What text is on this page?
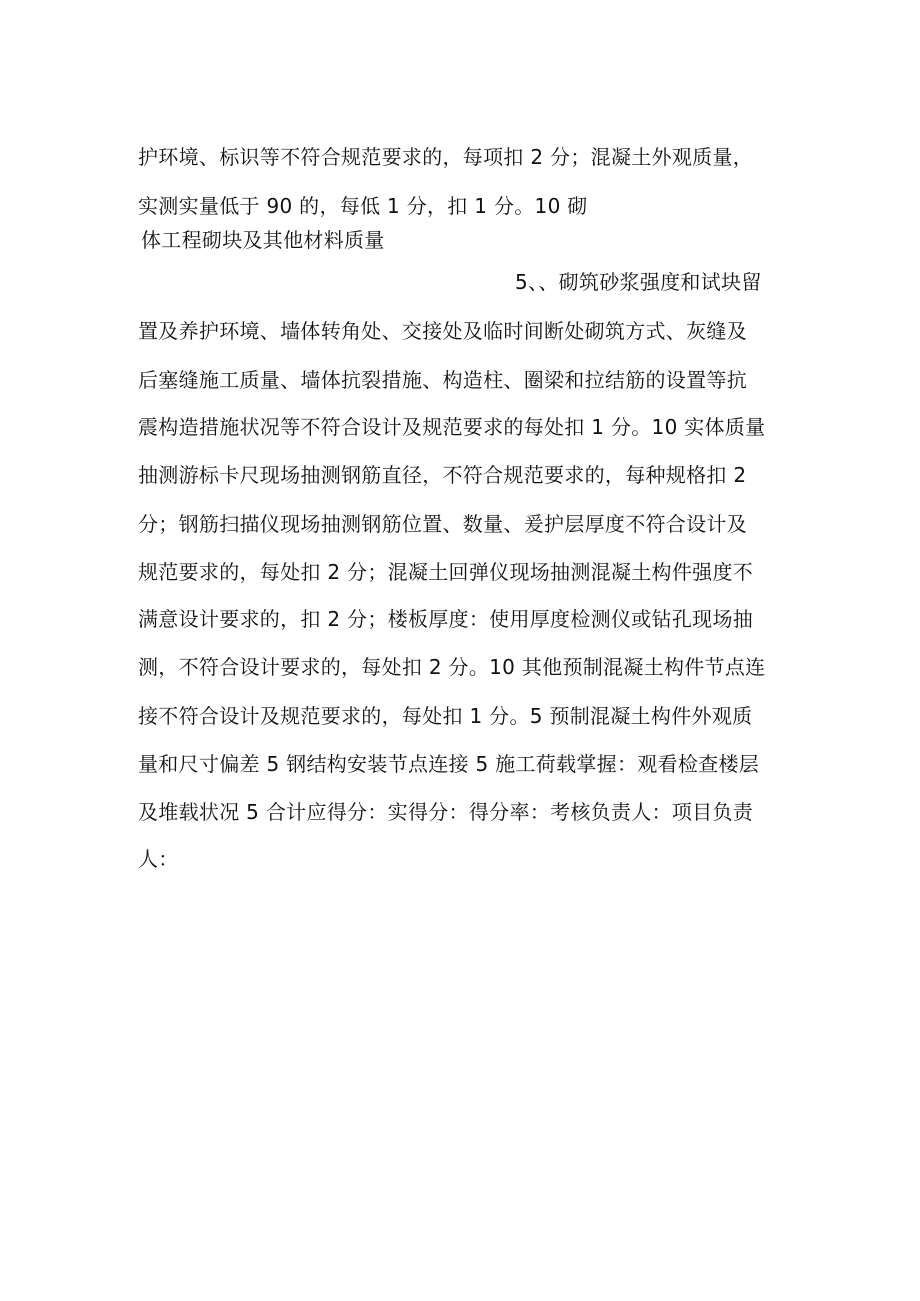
护环境、标识等不符合规范要求的，每项扣 2 分；混凝土外观质量，
实测实量低于 90 的，每低 1 分，扣 1 分。10 砌
体工程砌块及其他材料质量
5、、砌筑砂浆强度和试块留
置及养护环境、墙体转角处、交接处及临时间断处砌筑方式、灰缝及
后塞缝施工质量、墙体抗裂措施、构造柱、圈梁和拉结筋的设置等抗
震构造措施状况等不符合设计及规范要求的每处扣 1 分。10 实体质量
抽测游标卡尺现场抽测钢筋直径，不符合规范要求的，每种规格扣 2
分；钢筋扫描仪现场抽测钢筋位置、数量、爰护层厚度不符合设计及
规范要求的，每处扣 2 分；混凝土回弹仪现场抽测混凝土构件强度不
满意设计要求的，扣 2 分；楼板厚度：使用厚度检测仪或钻孔现场抽
测，不符合设计要求的，每处扣 2 分。10 其他预制混凝土构件节点连
接不符合设计及规范要求的，每处扣 1 分。5 预制混凝土构件外观质
量和尺寸偏差 5 钢结构安装节点连接 5 施工荷载掌握：观看检查楼层
及堆载状况 5 合计应得分：实得分：得分率：考核负责人：项目负责
人：
